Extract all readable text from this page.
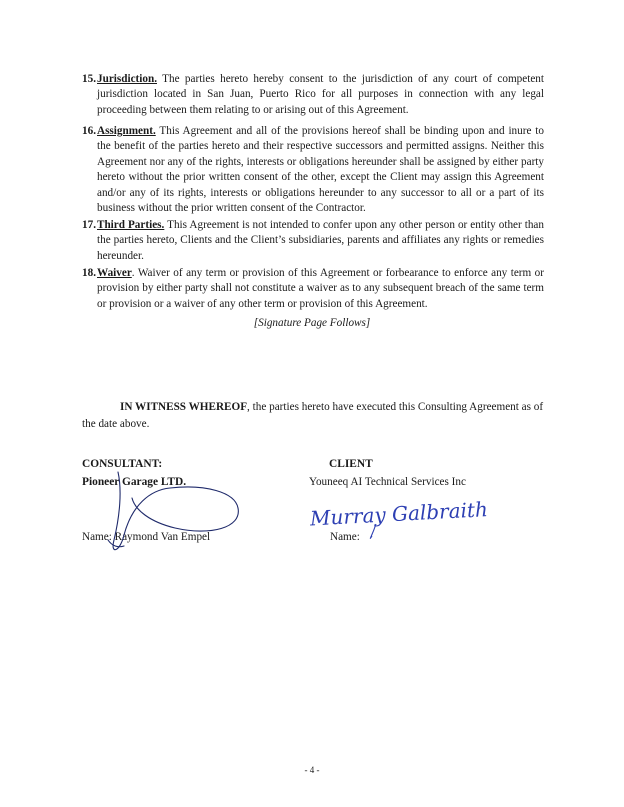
15. Jurisdiction. The parties hereto hereby consent to the jurisdiction of any court of competent jurisdiction located in San Juan, Puerto Rico for all purposes in connection with any legal proceeding between them relating to or arising out of this Agreement.
16. Assignment. This Agreement and all of the provisions hereof shall be binding upon and inure to the benefit of the parties hereto and their respective successors and permitted assigns. Neither this Agreement nor any of the rights, interests or obligations hereunder shall be assigned by either party hereto without the prior written consent of the other, except the Client may assign this Agreement and/or any of its rights, interests or obligations hereunder to any successor to all or a part of its business without the prior written consent of the Contractor.
17. Third Parties. This Agreement is not intended to confer upon any other person or entity other than the parties hereto, Clients and the Client’s subsidiaries, parents and affiliates any rights or remedies hereunder.
18. Waiver. Waiver of any term or provision of this Agreement or forbearance to enforce any term or provision by either party shall not constitute a waiver as to any subsequent breach of the same term or provision or a waiver of any other term or provision of this Agreement.
[Signature Page Follows]
IN WITNESS WHEREOF, the parties hereto have executed this Consulting Agreement as of the date above.
CONSULTANT:
Pioneer Garage LTD.
Name: Raymond Van Empel
CLIENT
Youneeq AI Technical Services Inc
Name:
Murray Galbraith
- 4 -
